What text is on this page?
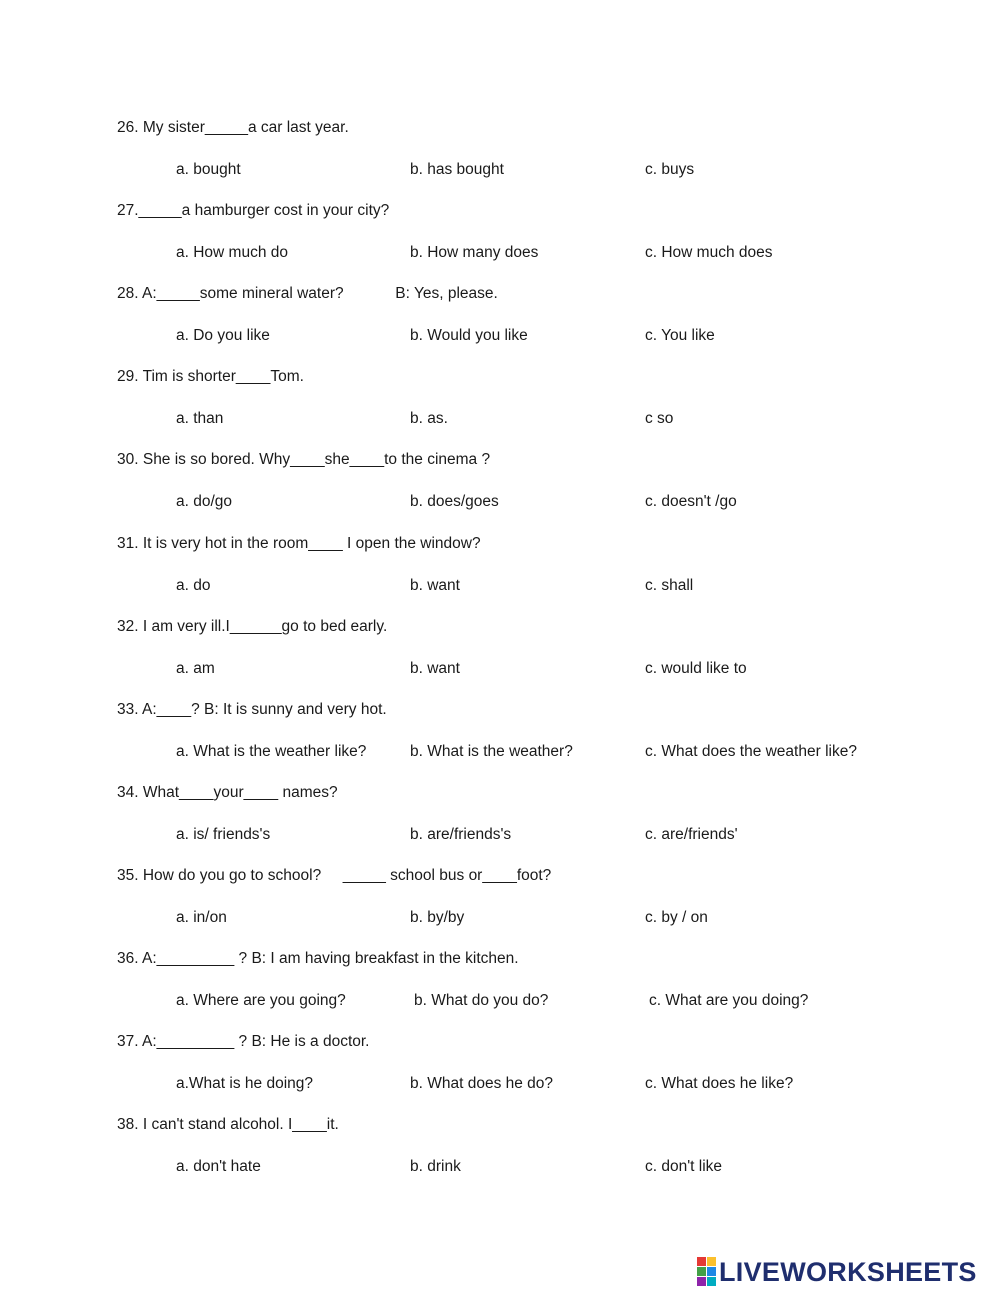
26. My sister_____a car last year.
a. bought	b. has bought	c. buys
27._____a hamburger cost in your city?
a. How much do	b. How many does	c. How much does
28. A:_____some mineral water?            B: Yes, please.
a. Do you like	b. Would you like	c. You like
29. Tim is shorter____Tom.
a. than	b. as.	c so
30. She is so bored. Why____she____to the cinema ?
a. do/go	b. does/goes	c. doesn't /go
31. It is very hot in the room____ I open the window?
a. do	b. want	c. shall
32. I am very ill.I______go to bed early.
a. am	b. want	c. would like to
33. A:____? B: It is sunny and very hot.
a. What is the weather like?	b. What is the weather?	c. What does the weather like?
34. What____your____ names?
a. is/ friends's	b. are/friends's	c. are/friends'
35. How do you go to school?     _____ school bus or____foot?
a. in/on	b. by/by	c. by / on
36. A:_________ ? B: I am having breakfast in the kitchen.
a. Where are you going?	b. What do you do?	c. What are you doing?
37. A:_________ ? B: He is a doctor.
a.What is he doing?	b. What does he do?	c. What does he like?
38. I can't stand alcohol. I____it.
a. don't hate	b. drink	c. don't like
LIVEWORKSHEETS
